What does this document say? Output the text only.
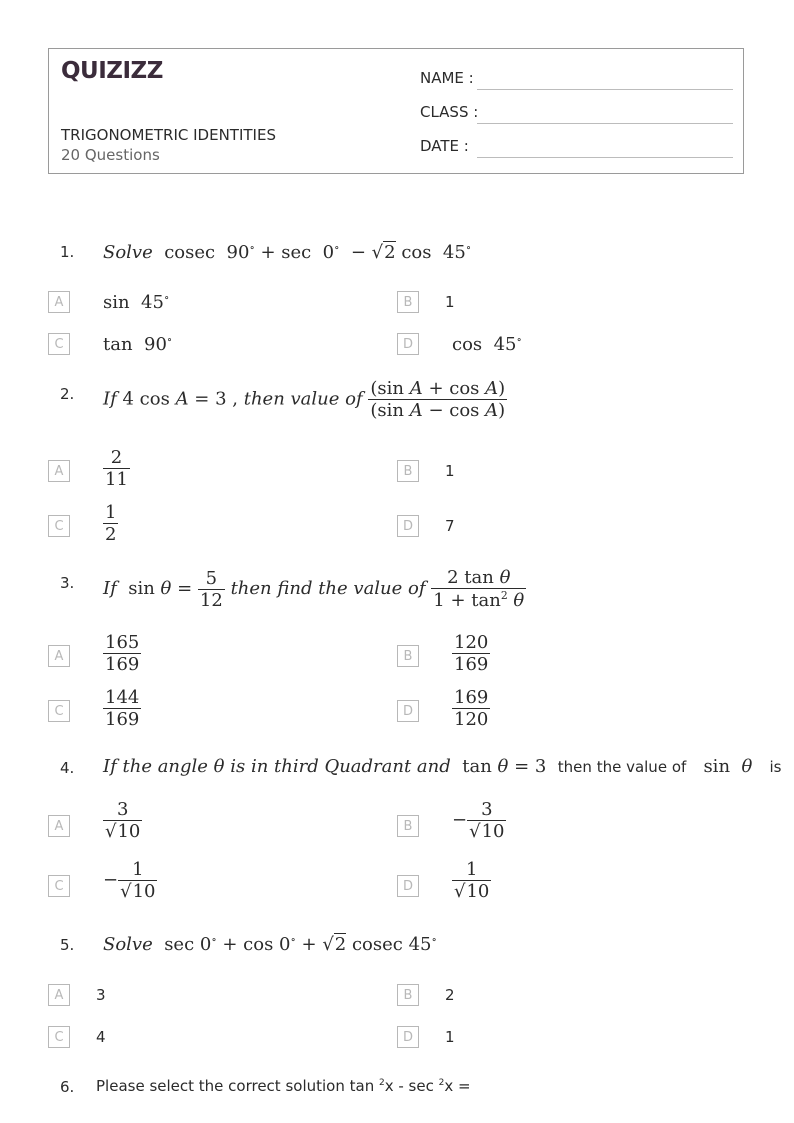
QUIZIZZ
TRIGONOMETRIC IDENTITIES
20 Questions
NAME :
CLASS :
DATE :
1. Solve  cosec  90∘ + sec  0∘  − √2 cos  45∘
A	sin  45∘	B	1
C	tan  90∘	D	cos  45∘
2. If 4 cos A = 3 , then value of $\frac{\text{(sin A + cos A)}}{\text{(sin A − cos A)}}$
A	$\frac{2}{11}$	B	1
C	$\frac{1}{2}$	D	7
3. If  $\sin \theta = \frac{5}{12}$ then find the value of $\frac{\text{2 tan θ}}{1 + \tan^2 \theta}$
A	$\frac{165}{169}$	B	$\frac{120}{169}$
C	$\frac{144}{169}$	D	$\frac{169}{120}$
4. If the angle θ is in third Quadrant and  tan θ = 3  then the value of   sin  θ is
A	$\frac{3}{√10}$	B	− $\frac{3}{√10}$
C	− $\frac{1}{√10}$	D	$\frac{1}{√10}$
5. Solve  sec 0∘ + cos 0∘ + √2 cosec 45∘
A	3	B	2
C	4	D	1
6. Please select the correct solution tan $^2$x - sec $^2$x =
